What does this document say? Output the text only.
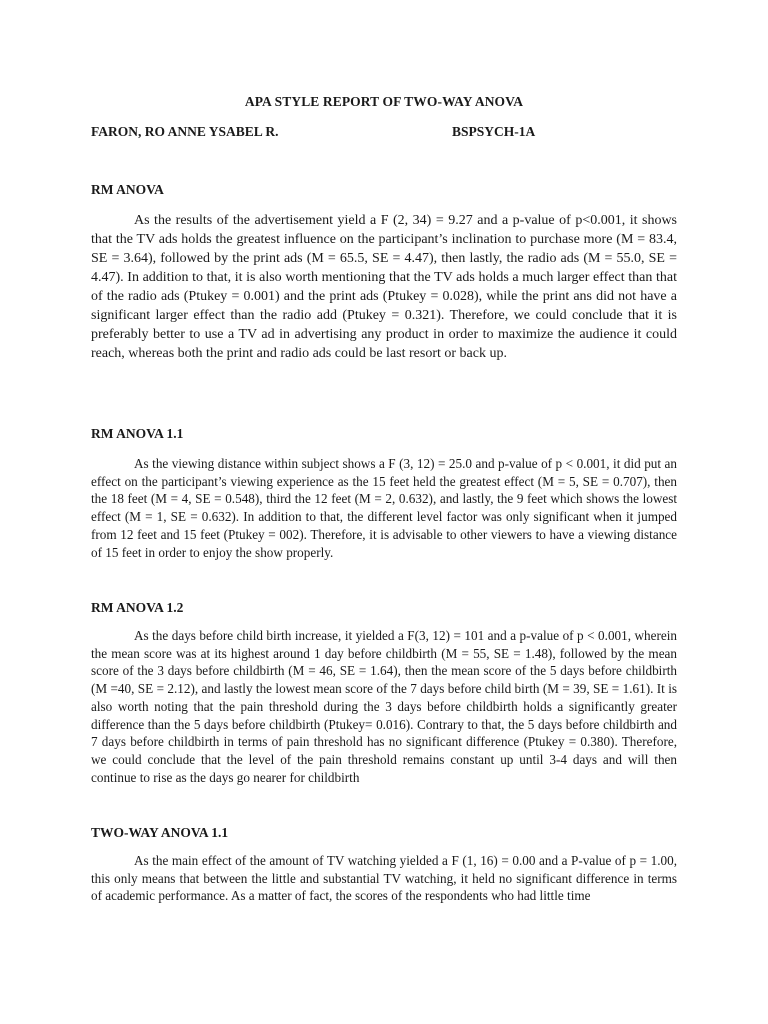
APA STYLE REPORT OF TWO-WAY ANOVA
FARON, RO ANNE YSABEL R.	BSPSYCH-1A
RM ANOVA

As the results of the advertisement yield a F (2, 34) = 9.27 and a p-value of p<0.001, it shows that the TV ads holds the greatest influence on the participant’s inclination to purchase more (M = 83.4, SE = 3.64), followed by the print ads (M = 65.5, SE = 4.47), then lastly, the radio ads (M = 55.0, SE = 4.47). In addition to that, it is also worth mentioning that the TV ads holds a much larger effect than that of the radio ads (Ptukey = 0.001) and the print ads (Ptukey = 0.028), while the print ans did not have a significant larger effect than the radio add (Ptukey = 0.321). Therefore, we could conclude that it is preferably better to use a TV ad in advertising any product in order to maximize the audience it could reach, whereas both the print and radio ads could be last resort or back up.

RM ANOVA 1.1

As the viewing distance within subject shows a F (3, 12) = 25.0 and p-value of p < 0.001, it did put an effect on the participant’s viewing experience as the 15 feet held the greatest effect (M = 5, SE = 0.707), then the 18 feet (M = 4, SE = 0.548), third the 12 feet (M = 2, 0.632), and lastly, the 9 feet which shows the lowest effect (M = 1, SE = 0.632). In addition to that, the different level factor was only significant when it jumped from 12 feet and 15 feet (Ptukey = 002). Therefore, it is advisable to other viewers to have a viewing distance of 15 feet in order to enjoy the show properly.

RM ANOVA 1.2

As the days before child birth increase, it yielded a F(3, 12) = 101 and a p-value of p < 0.001, wherein the mean score was at its highest around 1 day before childbirth (M = 55, SE = 1.48), followed by the mean score of the 3 days before childbirth (M = 46, SE = 1.64), then the mean score of the 5 days before childbirth (M =40, SE = 2.12), and lastly the lowest mean score of the 7 days before child birth (M = 39, SE = 1.61). It is also worth noting that the pain threshold during the 3 days before childbirth holds a significantly greater difference than the 5 days before childbirth (Ptukey= 0.016). Contrary to that, the 5 days before childbirth and 7 days before childbirth in terms of pain threshold has no significant difference (Ptukey = 0.380). Therefore, we could conclude that the level of the pain threshold remains constant up until 3-4 days and will then continue to rise as the days go nearer for childbirth

TWO-WAY ANOVA 1.1

As the main effect of the amount of TV watching yielded a F (1, 16) = 0.00 and a P-value of p = 1.00, this only means that between the little and substantial TV watching, it held no significant difference in terms of academic performance. As a matter of fact, the scores of the respondents who had little time
